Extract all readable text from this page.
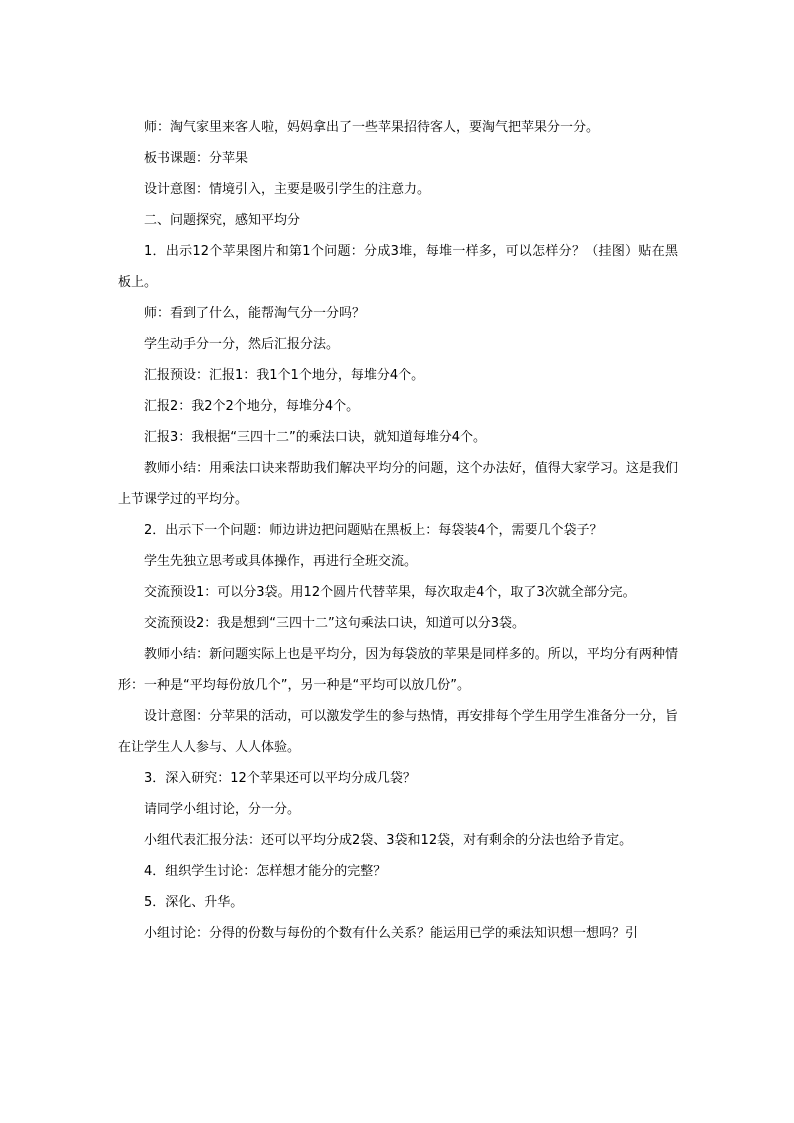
师：淘气家里来客人啦，妈妈拿出了一些苹果招待客人，要淘气把苹果分一分。

板书课题：分苹果

设计意图：情境引入，主要是吸引学生的注意力。

二、问题探究，感知平均分

1．出示12个苹果图片和第1个问题：分成3堆，每堆一样多，可以怎样分？（挂图）贴在黑板上。

师：看到了什么，能帮淘气分一分吗？

学生动手分一分，然后汇报分法。

汇报预设：汇报1：我1个1个地分，每堆分4个。

汇报2：我2个2个地分，每堆分4个。

汇报3：我根据“三四十二”的乘法口诀，就知道每堆分4个。

教师小结：用乘法口诀来帮助我们解决平均分的问题，这个办法好，值得大家学习。这是我们上节课学过的平均分。

2．出示下一个问题：师边讲边把问题贴在黑板上：每袋装4个，需要几个袋子？

学生先独立思考或具体操作，再进行全班交流。

交流预设1：可以分3袋。用12个圆片代替苹果，每次取走4个，取了3次就全部分完。

交流预设2：我是想到“三四十二”这句乘法口诀，知道可以分3袋。

教师小结：新问题实际上也是平均分，因为每袋放的苹果是同样多的。所以，平均分有两种情形：一种是“平均每份放几个”，另一种是“平均可以放几份”。

设计意图：分苹果的活动，可以激发学生的参与热情，再安排每个学生用学生准备分一分，旨在让学生人人参与、人人体验。

3．深入研究：12个苹果还可以平均分成几袋？

请同学小组讨论，分一分。

小组代表汇报分法：还可以平均分成2袋、3袋和12袋，对有剩余的分法也给予肯定。

4．组织学生讨论：怎样想才能分的完整？

5．深化、升华。

小组讨论：分得的份数与每份的个数有什么关系？能运用已学的乘法知识想一想吗？引
